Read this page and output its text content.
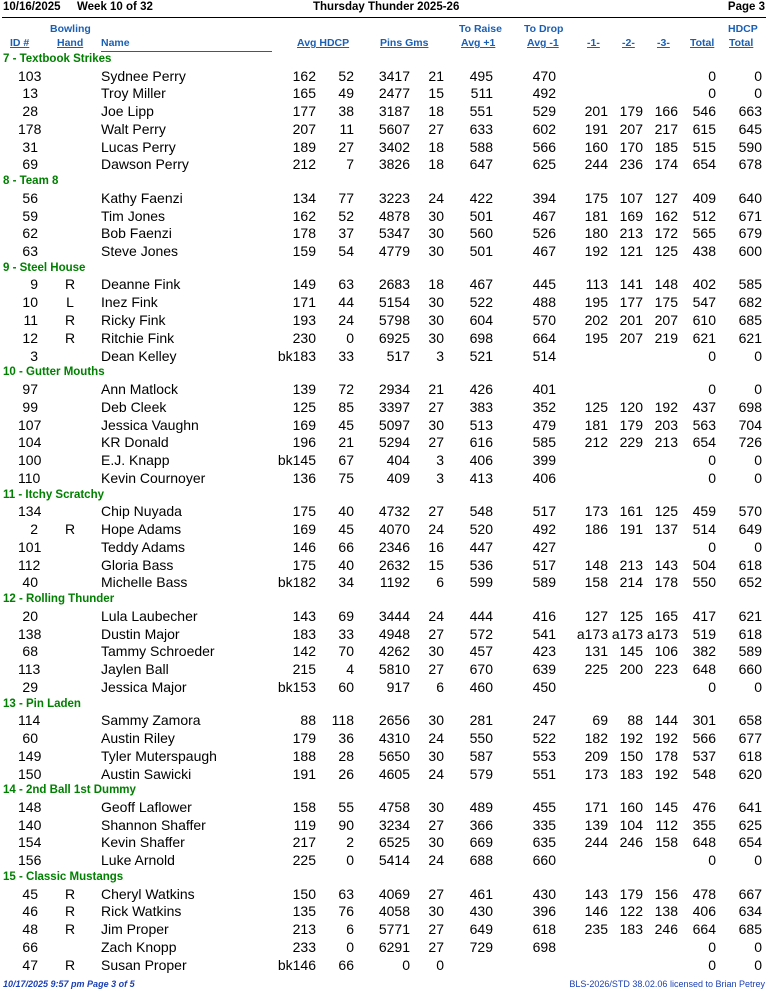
10/16/2025 Week 10 of 32	Thursday Thunder 2025-26	Page 3
Bowling
Hand
ID #	Name	Avg HDCP	Pins Gms
To Raise
Avg +1
To Drop
Avg -1	-1- -2- -3- Total
HDCP
Total
7 - Textbook Strikes
103	Sydnee Perry	162	52	3417	21	495	470	0	0
13	Troy Miller	165	49	2477	15	511	492	0	0
28	Joe Lipp	177	38	3187	18	551	529	201 179 166	546	663
178	Walt Perry	207	11	5607	27	633	602	191 207 217	615	645
31	Lucas Perry	189	27	3402	18	588	566	160 170 185	515	590
69	Dawson Perry	212	7	3826	18	647	625	244 236 174	654	678
8 - Team 8
56	Kathy Faenzi	134	77	3223	24	422	394	175 107 127	409	640
59	Tim Jones	162	52	4878	30	501	467	181 169 162	512	671
62	Bob Faenzi	178	37	5347	30	560	526	180 213 172	565	679
63	Steve Jones	159	54	4779	30	501	467	192 121 125	438	600
9 - Steel House
9	R	Deanne Fink	149	63	2683	18	467	445	113 141 148	402	585
10	L	Inez Fink	171	44	5154	30	522	488	195 177 175	547	682
11	R	Ricky Fink	193	24	5798	30	604	570	202 201 207	610	685
12	R	Ritchie Fink	230	0	6925	30	698	664	195 207 219	621	621
3	Dean Kelley	bk183	33	517	3	521	514	0	0
10 - Gutter Mouths
97	Ann Matlock	139	72	2934	21	426	401	0	0
99	Deb Cleek	125	85	3397	27	383	352	125 120 192	437	698
107	Jessica Vaughn	169	45	5097	30	513	479	181 179 203	563	704
104	KR Donald	196	21	5294	27	616	585	212 229 213	654	726
100	E.J. Knapp	bk145	67	404	3	406	399	0	0
110	Kevin Cournoyer	136	75	409	3	413	406	0	0
11 - Itchy Scratchy
134	Chip Nuyada	175	40	4732	27	548	517	173 161 125	459	570
2	R	Hope Adams	169	45	4070	24	520	492	186 191 137	514	649
101	Teddy Adams	146	66	2346	16	447	427	0	0
112	Gloria Bass	175	40	2632	15	536	517	148 213 143	504	618
40	Michelle Bass	bk182	34	1192	6	599	589	158 214 178	550	652
12 - Rolling Thunder
20	Lula Laubecher	143	69	3444	24	444	416	127 125 165	417	621
138	Dustin Major	183	33	4948	27	572	541 a173 a173 a173	519	618
68	Tammy Schroeder	142	70	4262	30	457	423	131 145 106	382	589
113	Jaylen Ball	215	4	5810	27	670	639	225 200 223	648	660
29	Jessica Major	bk153	60	917	6	460	450	0	0
13 - Pin Laden
114	Sammy Zamora	88	118	2656	30	281	247	69	88 144	301	658
60	Austin Riley	179	36	4310	24	550	522	182 192 192	566	677
149	Tyler Muterspaugh	188	28	5650	30	587	553	209 150 178	537	618
150	Austin Sawicki	191	26	4605	24	579	551	173 183 192	548	620
14 - 2nd Ball 1st Dummy
148	Geoff Laflower	158	55	4758	30	489	455	171 160 145	476	641
140	Shannon Shaffer	119	90	3234	27	366	335	139 104 112	355	625
154	Kevin Shaffer	217	2	6525	30	669	635	244 246 158	648	654
156	Luke Arnold	225	0	5414	24	688	660	0	0
15 - Classic Mustangs
45	R	Cheryl Watkins	150	63	4069	27	461	430	143 179 156	478	667
46	R	Rick Watkins	135	76	4058	30	430	396	146 122 138	406	634
48	R	Jim Proper	213	6	5771	27	649	618	235 183 246	664	685
66	Zach Knopp	233	0	6291	27	729	698	0	0
47	R	Susan Proper	bk146	66	0	0	0	0
10/17/2025 9:57 pm Page 3 of 5	BLS-2026/STD 38.02.06 licensed to Brian Petrey
